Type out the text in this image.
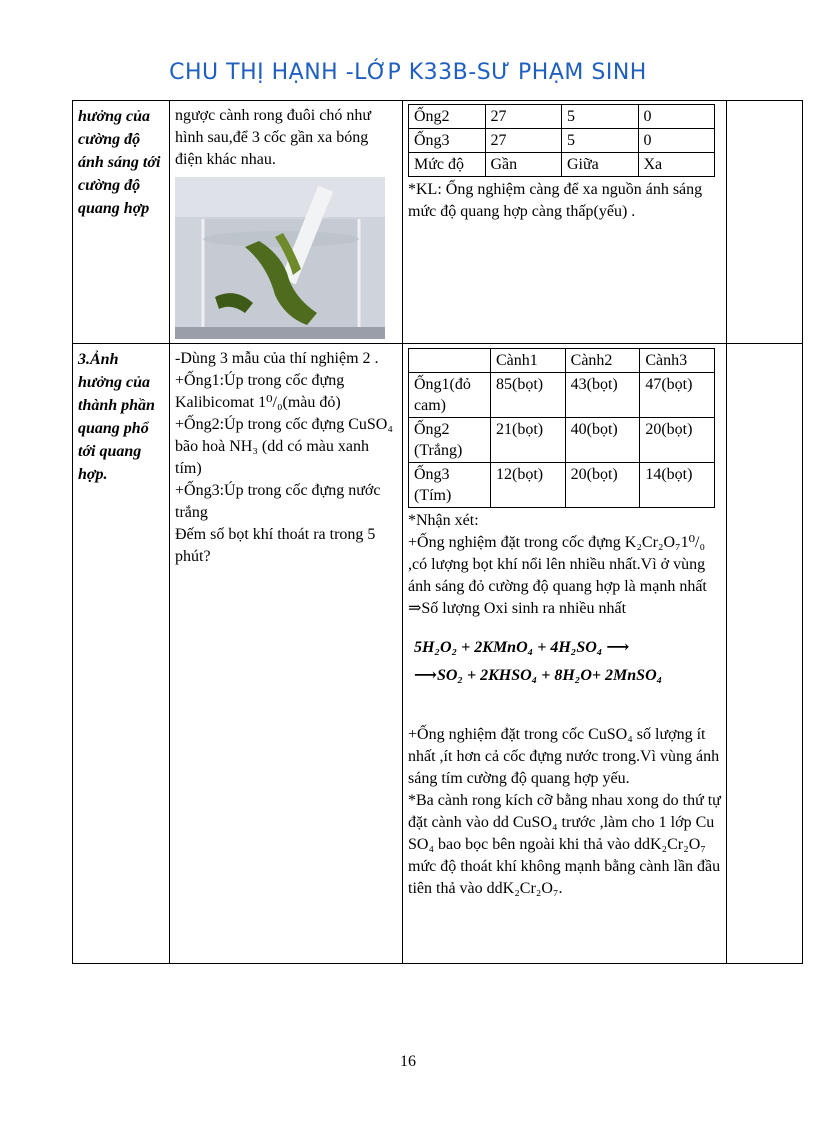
CHU THỊ HẠNH -LỚP K33B-SƯ PHẠM SINH
hưởng của cường độ ánh sáng tới cường độ quang hợp

ngược cành rong đuôi chó như hình sau,để 3 cốc gần xa bóng điện khác nhau.

Ống2	27	5	0
Ống3	27	5	0
Mức độ	Gần	Giữa	Xa

*KL: Ống nghiệm càng để xa nguồn ánh sáng mức độ quang hợp càng thấp(yếu) .

3.Ảnh hưởng của thành phần quang phổ tới quang hợp.

-Dùng 3 mẫu của thí nghiệm 2 .

+Ống1:Úp trong cốc đựng Kalibicomat 1⁰/₀(màu đỏ)

+Ống2:Úp trong cốc đựng CuSO₄ bão hoà NH₃ (dd có màu xanh tím)

+Ống3:Úp trong cốc đựng nước trắng

Đếm số bọt khí thoát ra trong 5 phút?

	Cành1	Cành2	Cành3
Ống1(đỏ cam)	85(bọt)	43(bọt)	47(bọt)
Ống2 (Trắng)	21(bọt)	40(bọt)	20(bọt)
Ống3 (Tím)	12(bọt)	20(bọt)	14(bọt)

*Nhận xét:

+Ống nghiệm đặt trong cốc đựng K₂Cr₂O₇1⁰/₀ ,có lượng bọt khí nổi lên nhiều nhất.Vì ở vùng ánh sáng đỏ cường độ quang hợp là mạnh nhất ⇒Số lượng Oxi sinh ra nhiều nhất

5H₂O₂ + 2KMnO₄ + 4H₂SO₄ ⟶
⟶SO₂ + 2KHSO₄ + 8H₂O+ 2MnSO₄

+Ống nghiệm đặt trong cốc CuSO₄ số lượng ít nhất ,ít hơn cả cốc đựng nước trong.Vì vùng ánh sáng tím cường độ quang hợp yếu.

*Ba cành rong kích cỡ bằng nhau xong do thứ tự đặt cành vào dd CuSO₄ trước ,làm cho 1 lớp Cu SO₄ bao bọc bên ngoài khi thả vào ddK₂Cr₂O₇ mức độ thoát khí không mạnh bằng cành lần đầu tiên thả vào ddK₂Cr₂O₇.

16
